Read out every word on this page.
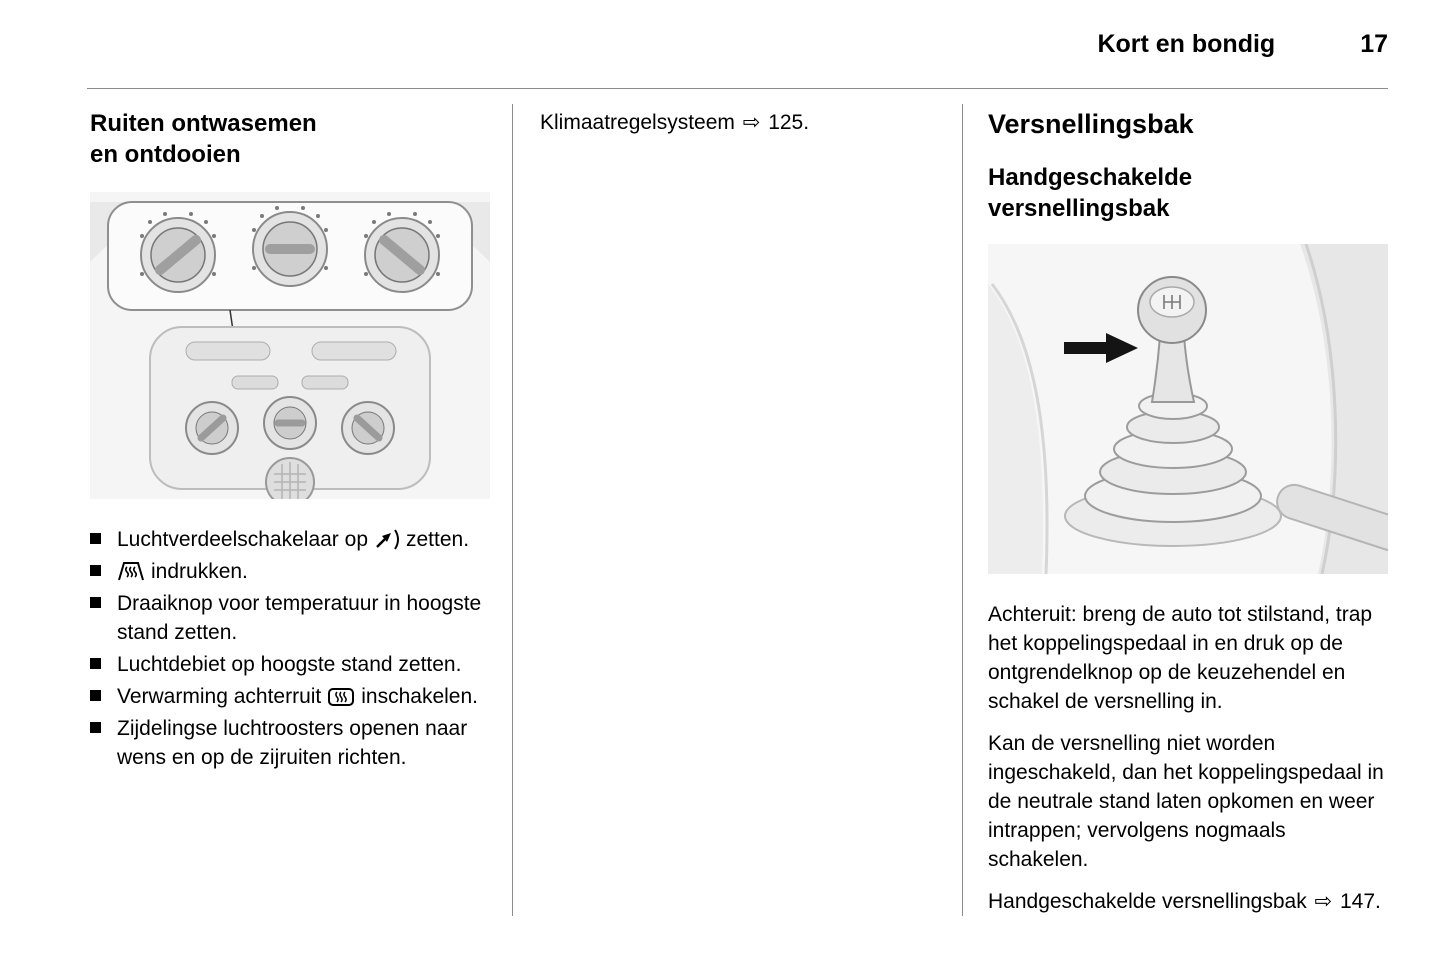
Kort en bondig	17
Ruiten ontwasemen en ontdooien
Luchtverdeelschakelaar op zetten.
indrukken.
Draaiknop voor temperatuur in hoogste stand zetten.
Luchtdebiet op hoogste stand zetten.
Verwarming achterruit inschakelen.
Zijdelingse luchtroosters openen naar wens en op de zijruiten richten.

Klimaatregelsysteem ⇨ 125.	Versnellingsbak
Handgeschakelde versnellingsbak

Achteruit: breng de auto tot stilstand, trap het koppelingspedaal in en druk op de ontgrendelknop op de keuzehendel en schakel de versnelling in.

Kan de versnelling niet worden ingeschakeld, dan het koppelingspedaal in de neutrale stand laten opkomen en weer intrappen; vervolgens nogmaals schakelen.

Handgeschakelde versnellingsbak ⇨ 147.
